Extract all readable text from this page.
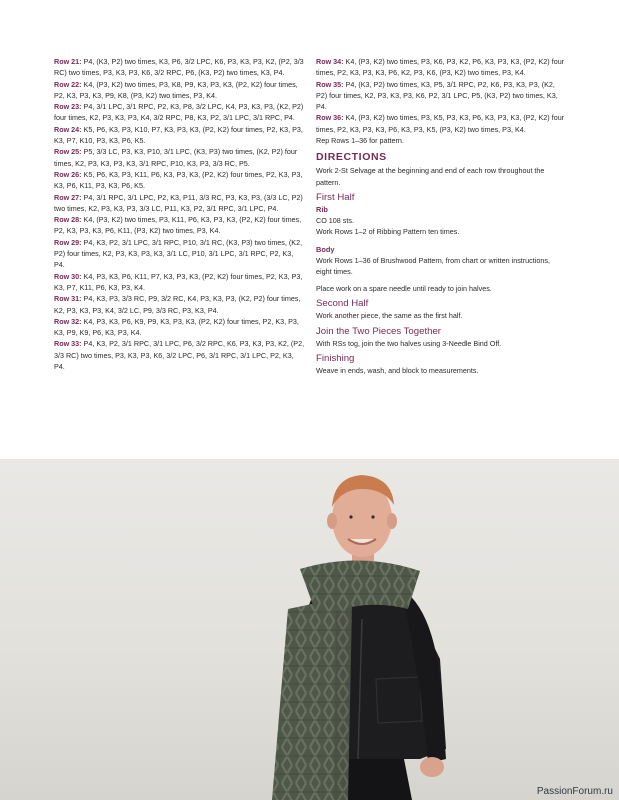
Row 21: P4, (K3, P2) two times, K3, P6, 3/2 LPC, K6, P3, K3, P3, K2, (P2, 3/3 RC) two times, P3, K3, P3, K6, 3/2 RPC, P6, (K3, P2) two times, K3, P4.

Row 22: K4, (P3, K2) two times, P3, K8, P9, K3, P3, K3, (P2, K2) four times, P2, K3, P3, K3, P9, K8, (P3, K2) two times, P3, K4.

Row 23: P4, 3/1 LPC, 3/1 RPC, P2, K3, P8, 3/2 LPC, K4, P3, K3, P3, (K2, P2) four times, K2, P3, K3, P3, K4, 3/2 RPC, P8, K3, P2, 3/1 LPC, 3/1 RPC, P4.

Row 24: K5, P6, K3, P3, K10, P7, K3, P3, K3, (P2, K2) four times, P2, K3, P3, K3, P7, K10, P3, K3, P6, K5.

Row 25: P5, 3/3 LC, P3, K3, P10, 3/1 LPC, (K3, P3) two times, (K2, P2) four times, K2, P3, K3, P3, K3, 3/1 RPC, P10, K3, P3, 3/3 RC, P5.

Row 26: K5, P6, K3, P3, K11, P6, K3, P3, K3, (P2, K2) four times, P2, K3, P3, K3, P6, K11, P3, K3, P6, K5.

Row 27: P4, 3/1 RPC, 3/1 LPC, P2, K3, P11, 3/3 RC, P3, K3, P3, (3/3 LC, P2) two times, K2, P3, K3, P3, 3/3 LC, P11, K3, P2, 3/1 RPC, 3/1 LPC, P4.

Row 28: K4, (P3, K2) two times, P3, K11, P6, K3, P3, K3, (P2, K2) four times, P2, K3, P3, K3, P6, K11, (P3, K2) two times, P3, K4.

Row 29: P4, K3, P2, 3/1 LPC, 3/1 RPC, P10, 3/1 RC, (K3, P3) two times, (K2, P2) four times, K2, P3, K3, P3, K3, 3/1 LC, P10, 3/1 LPC, 3/1 RPC, P2, K3, P4.

Row 30: K4, P3, K3, P6, K11, P7, K3, P3, K3, (P2, K2) four times, P2, K3, P3, K3, P7, K11, P6, K3, P3, K4.

Row 31: P4, K3, P3, 3/3 RC, P9, 3/2 RC, K4, P3, K3, P3, (K2, P2) four times, K2, P3, K3, P3, K4, 3/2 LC, P9, 3/3 RC, P3, K3, P4.

Row 32: K4, P3, K3, P6, K9, P9, K3, P3, K3, (P2, K2) four times, P2, K3, P3, K3, P9, K9, P6, K3, P3, K4.

Row 33: P4, K3, P2, 3/1 RPC, 3/1 LPC, P6, 3/2 RPC, K6, P3, K3, P3, K2, (P2, 3/3 RC) two times, P3, K3, P3, K6, 3/2 LPC, P6, 3/1 RPC, 3/1 LPC, P2, K3, P4.

Row 34: K4, (P3, K2) two times, P3, K6, P3, K2, P6, K3, P3, K3, (P2, K2) four times, P2, K3, P3, K3, P6, K2, P3, K6, (P3, K2) two times, P3, K4.

Row 35: P4, (K3, P2) two times, K3, P5, 3/1 RPC, P2, K6, P3, K3, P3, (K2, P2) four times, K2, P3, K3, P3, K6, P2, 3/1 LPC, P5, (K3, P2) two times, K3, P4.

Row 36: K4, (P3, K2) two times, P3, K5, P3, K3, P6, K3, P3, K3, (P2, K2) four times, P2, K3, P3, K3, P6, K3, P3, K5, (P3, K2) two times, P3, K4.

Rep Rows 1–36 for pattern.

DIRECTIONS

Work 2-St Selvage at the beginning and end of each row throughout the pattern.

First Half
Rib

CO 108 sts.

Work Rows 1–2 of Ribbing Pattern ten times.

Body

Work Rows 1–36 of Brushwood Pattern, from chart or written instructions, eight times.

Place work on a spare needle until ready to join halves.

Second Half

Work another piece, the same as the first half.

Join the Two Pieces Together

With RSs tog, join the two halves using 3-Needle Bind Off.

Finishing

Weave in ends, wash, and block to measurements.

PassionForum.ru
